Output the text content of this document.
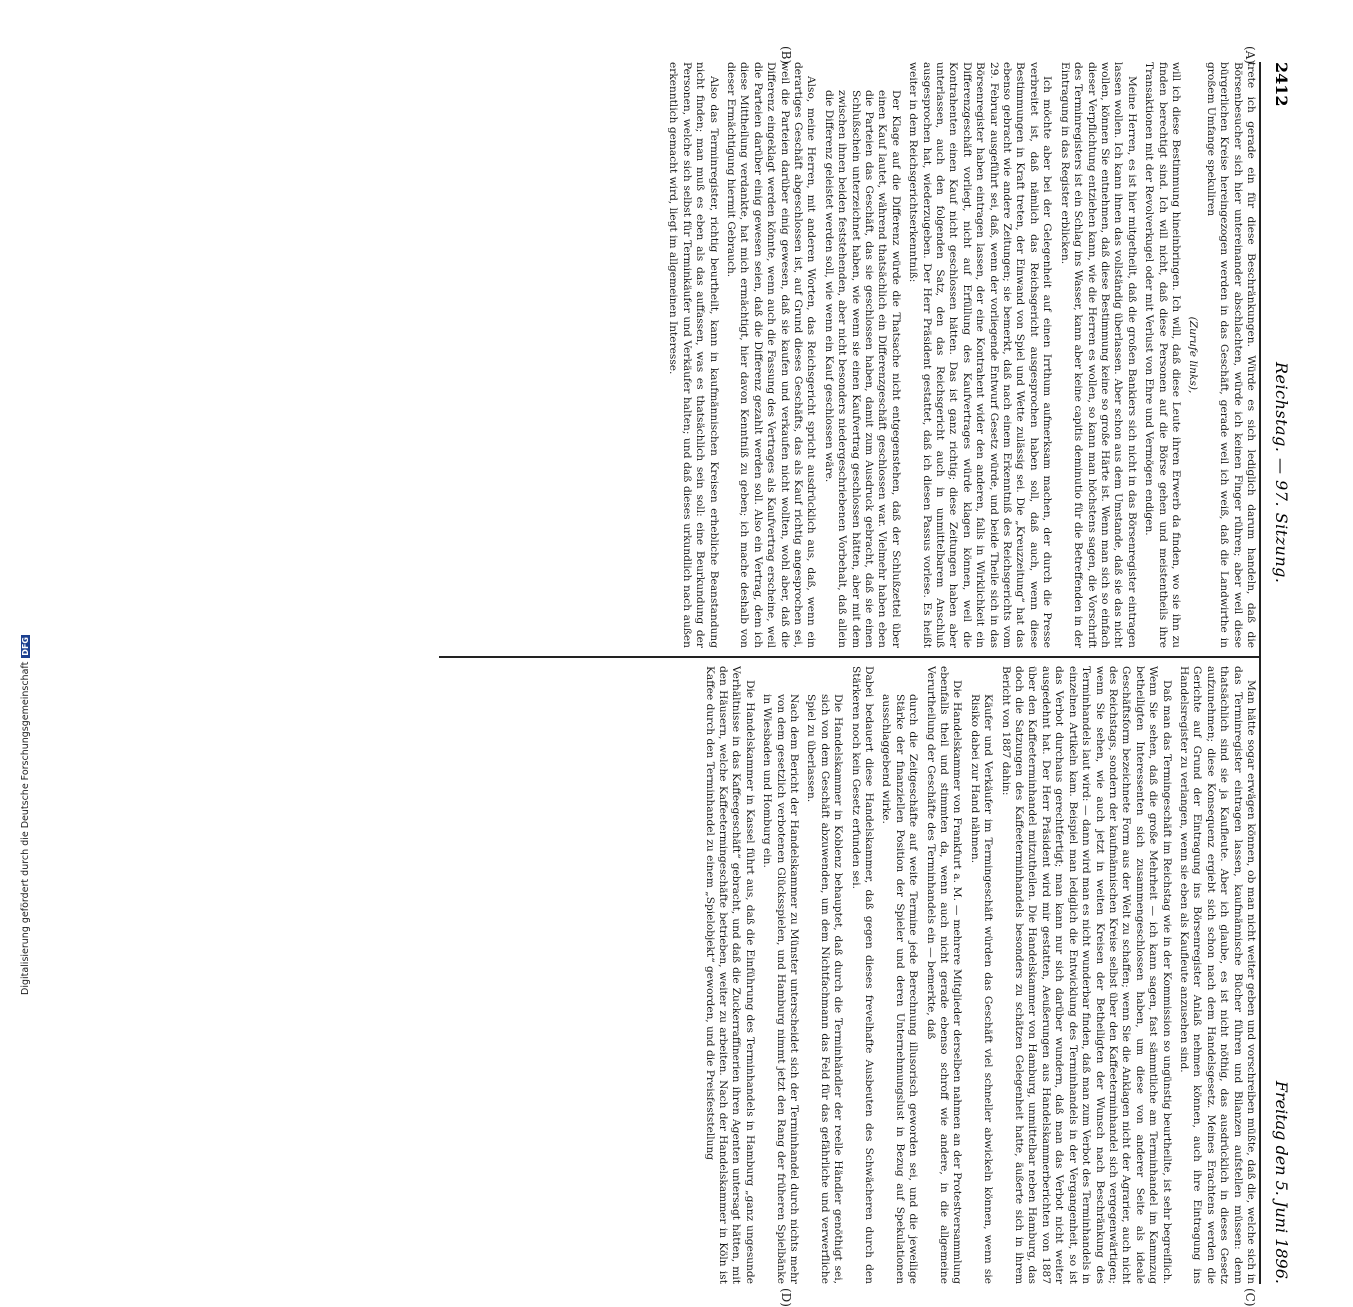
2412
Reichstag. — 97. Sitzung.
Freitag den 5. Juni 1896.
(A)
(B)
(C)
(D)

trete ich gerade ein für diese Beschränkungen. Würde es sich lediglich darum handeln, daß die Börsenbesucher sich hier untereinander abschlachten, würde ich keinen Finger rühren; aber weil diese bürgerlichen Kreise hereingezogen werden in das Geschäft, gerade weil ich weiß, daß die Landwirthe in großem Umfange spekuliren

(Zurufe links),

will ich diese Bestimmung hineinbringen. Ich will, daß diese Leute ihren Erwerb da finden, wo sie ihn zu finden berechtigt sind. Ich will nicht, daß diese Personen auf die Börse gehen und meistentheils ihre Transaktionen mit der Revolverkugel oder mit Verlust von Ehre und Vermögen endigen.

Meine Herren, es ist hier mitgetheilt, daß die großen Bankiers sich nicht in das Börsenregister eintragen lassen wollen. Ich kann ihnen das vollständig überlassen. Aber schon aus dem Umstande, daß sie das nicht wollen, können Sie entnehmen, daß diese Bestimmung keine so große Härte ist. Wenn man sich so einfach dieser Verpflichtung entziehen kann, wie die Herren es wollen, so kann man höchstens sagen, die Vorschrift des Terminregisters ist ein Schlag ins Wasser, kann aber keine capitis deminutio für die Betreffenden in der Eintragung in das Register erblicken.

Ich möchte aber bei der Gelegenheit auf einen Irrthum aufmerksam machen, der durch die Presse verbreitet ist, daß nämlich das Reichsgericht ausgesprochen haben soll, daß auch, wenn diese Bestimmungen in Kraft treten, der Einwand von Spiel und Wette zulässig sei. Die „Kreuzzeitung“ hat das ebenso gebracht wie andere Zeitungen; sie bemerkt, daß nach einem Erkenntniß des Reichsgerichts vom 29. Februar ausgeführt sei, daß, wenn der vorliegende Entwurf Gesetz würde, und beide Theile sich in das Börsenregister haben eintragen lassen, der eine Kontrahent wider den anderen, falls in Wirklichkeit ein Differenzgeschäft vorliegt, nicht auf Erfüllung des Kaufvertrages würde klagen können, weil die Kontrahenten einen Kauf nicht geschlossen hätten. Das ist ganz richtig; diese Zeitungen haben aber unterlassen, auch den folgenden Satz, den das Reichsgericht auch in unmittelbarem Anschluß ausgesprochen hat, wiederzugeben. Der Herr Präsident gestattet, daß ich diesen Passus vorlese. Es heißt weiter in dem Reichsgerichtserkenntniß:

Der Klage auf die Differenz würde die Thatsache nicht entgegenstehen, daß der Schlußzettel über einen Kauf lautet, während thatsächlich ein Differenzgeschäft geschlossen war. Vielmehr haben eben die Parteien das Geschäft, das sie geschlossen haben, damit zum Ausdruck gebracht, daß sie einen Schlußschein unterzeichnet haben, wie wenn sie einen Kaufvertrag geschlossen hätten, aber mit dem zwischen ihnen beiden feststehenden, aber nicht besonders niedergeschriebenen Vorbehalt, daß allein die Differenz geleistet werden soll, wie wenn ein Kauf geschlossen wäre.

Also, meine Herren, mit anderen Worten, das Reichsgericht spricht ausdrücklich aus, daß, wenn ein derartiges Geschäft abgeschlossen ist, auf Grund dieses Geschäfts, das als Kauf richtig angesprochen sei, weil die Parteien darüber einig gewesen, daß sie kaufen und verkaufen nicht wollten, wohl aber, daß die Differenz eingeklagt werden könnte, wenn auch die Fassung des Vertrages als Kaufvertrag erscheine, weil die Parteien darüber einig gewesen seien, daß die Differenz gezahlt werden soll. Also ein Vertrag, dem ich diese Mittheilung verdankte, hat mich ermächtigt, hier davon Kenntniß zu geben; ich mache deshalb von dieser Ermächtigung hiermit Gebrauch.

Also das Terminregister, richtig beurtheilt, kann in kaufmännischen Kreisen erhebliche Beanstandung nicht finden; man muß es eben als das auffassen, was es thatsächlich sein soll: eine Beurkundung der Personen, welche sich selbst für Terminkäufer und Verkäufer halten; und daß dieses urkundlich nach außen erkenntlich gemacht wird, liegt im allgemeinen Interesse.

Man hätte sogar erwägen können, ob man nicht weiter geben und vorschreiben müßte, daß die, welche sich in das Terminregister eintragen lassen, kaufmännische Bücher führen und Bilanzen aufstellen müssen: denn thatsächlich sind sie ja Kaufleute. Aber ich glaube, es ist nicht nöthig, das ausdrücklich in dieses Gesetz aufzunehmen; diese Konsequenz ergiebt sich schon nach dem Handelsgesetz. Meines Erachtens werden die Gerichte auf Grund der Eintragung ins Börsenregister Anlaß nehmen können, auch ihre Eintragung ins Handelsregister zu verlangen, wenn sie eben als Kaufleute anzusehen sind.

Daß man das Termingeschäft im Reichstag wie in der Kommission so ungünstig beurtheilte, ist sehr begreiflich. Wenn Sie sehen, daß die große Mehrheit — ich kann sagen, fast sämmtliche am Terminhandel im Kammzug betheiligten Interessenten sich zusammengeschlossen haben, um diese von anderer Seite als ideale Geschäftsform bezeichnete Form aus der Welt zu schaffen; wenn Sie die Anklagen nicht der Agrarier, auch nicht des Reichstags, sondern der kaufmännischen Kreise selbst über den Kaffeeterminhandel sich vergegenwärtigen; wenn Sie sehen, wie auch jetzt in weiten Kreisen der Betheiligten der Wunsch nach Beschränkung des Terminhandels laut wird: — dann wird man es nicht wunderbar finden, daß man zum Verbot des Terminhandels in einzelnen Artikeln kam. Beispiel man lediglich die Entwicklung des Terminhandels in der Vergangenheit, so ist das Verbot durchaus gerechtfertigt; man kann nur sich darüber wundern, daß man das Verbot nicht weiter ausgedehnt hat. Der Herr Präsident wird mir gestatten, Aeußerungen aus Handelskammerberichten von 1887 über den Kaffeeterminhandel mitzutheilen. Die Handelskammer von Hamburg, unmittelbar neben Hamburg, das doch die Satzungen des Kaffeeterminhandels besonders zu schätzen Gelegenheit hatte, äußerte sich in ihrem Bericht von 1887 dahin:

Käufer und Verkäufer im Termingeschäft würden das Geschäft viel schneller abwickeln können, wenn sie Risiko dabei zur Hand nähmen.

Die Handelskammer von Frankfurt a. M. — mehrere Mitglieder derselben nahmen an der Protestversammlung ebenfalls theil und stimmten da, wenn auch nicht gerade ebenso schroff wie andere, in die allgemeine Verurtheilung der Geschäfte des Terminhandels ein — bemerkte, daß

durch die Zeitgeschäfte auf weite Termine jede Berechnung illusorisch geworden sei, und die jeweilige Stärke der finanziellen Position der Spieler und deren Unternehmungslust in Bezug auf Spekulationen ausschlaggebend wirke.

Dabei bedauert diese Handelskammer, daß gegen dieses frevelhafte Ausbeuten des Schwächeren durch den Stärkeren noch kein Gesetz erfunden sei.

Die Handelskammer in Koblenz behauptet, daß durch die Terminhändler der reelle Händler genöthigt sei, sich von dem Geschäft abzuwenden, um dem Nichtfachmann das Feld für das gefährliche und verwerfliche Spiel zu überlassen.

Nach dem Bericht der Handelskammer zu Münster unterscheidet sich der Terminhandel durch nichts mehr von dem gesetzlich verbotenen Glücksspielen, und Hamburg nimmt jetzt den Rang der früheren Spielbänke in Wiesbaden und Homburg ein.

Die Handelskammer in Kassel führt aus, daß die Einführung des Terminhandels in Hamburg „ganz ungesunde Verhältnisse in das Kaffeegeschäft“ gebracht, und daß die Zuckerraffinerien ihren Agenten untersagt hätten, mit den Häusern, welche Kaffeetermingeschäfte betrieben, weiter zu arbeiten. Nach der Handelskammer in Köln ist Kaffee durch den Terminhandel zu einem „Spielobjekt“ geworden, und die Preisfeststellung

Digitalisierung gefördert durch die Deutsche Forschungsgemeinschaft
DFG
